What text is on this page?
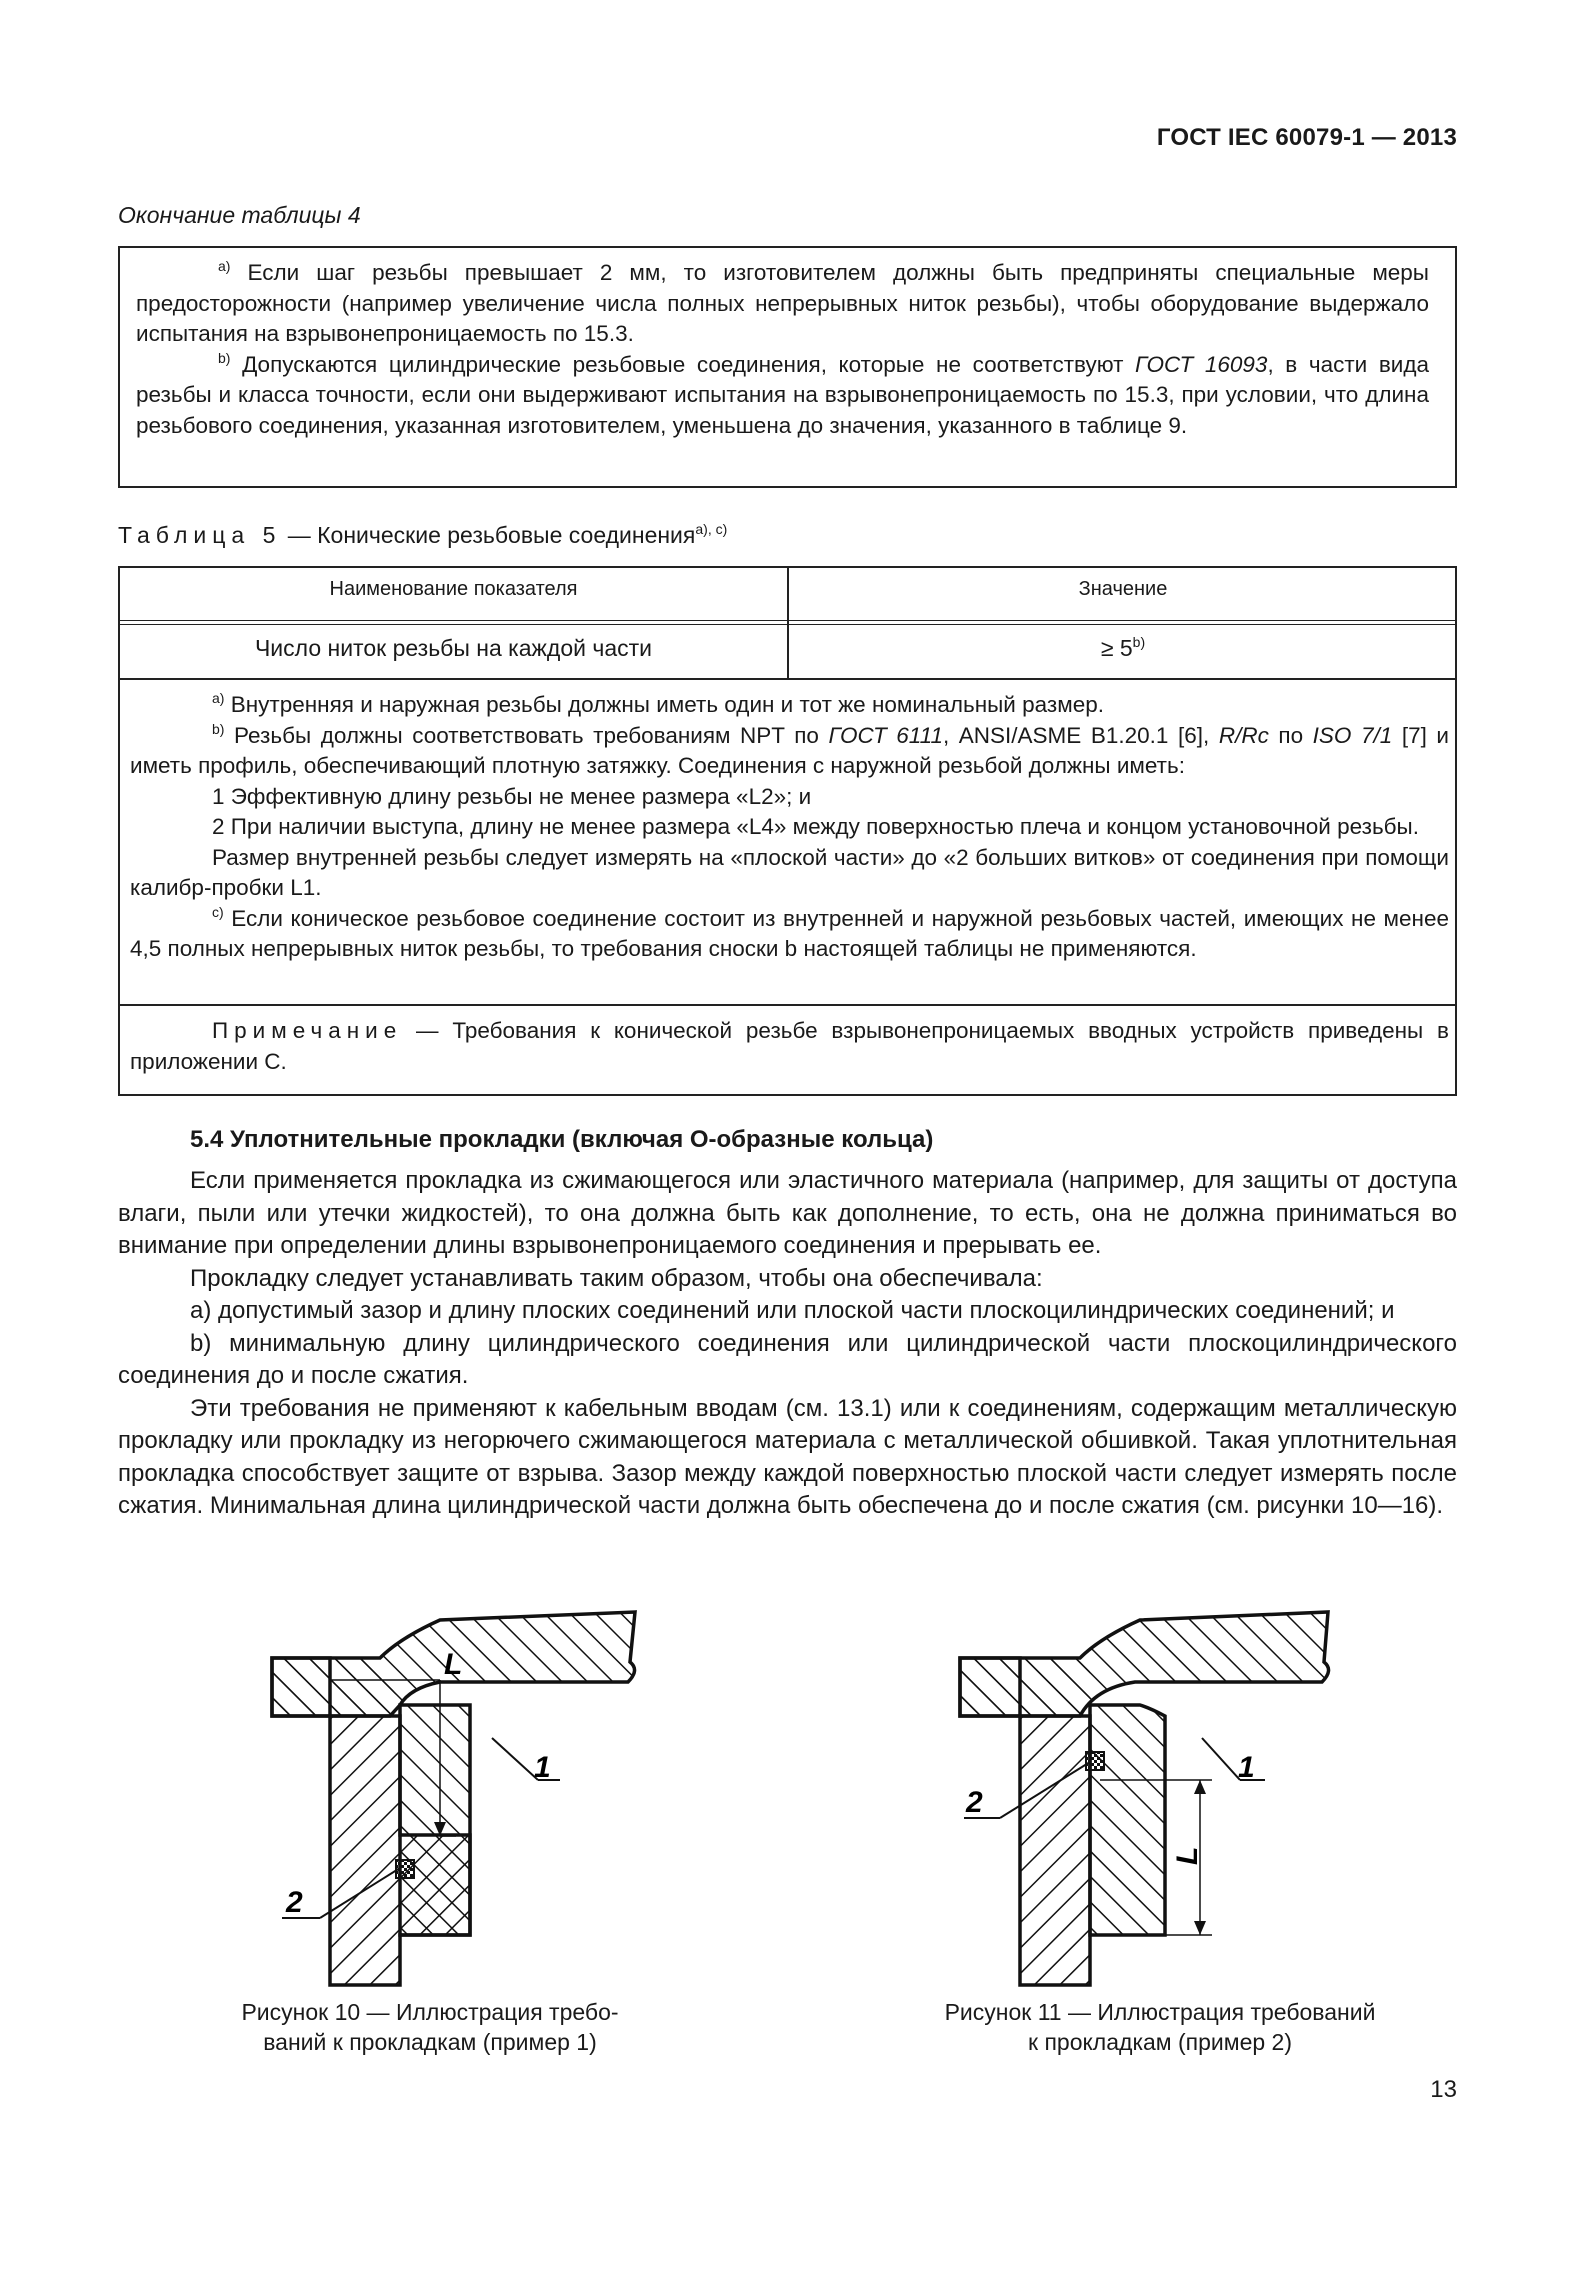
ГОСТ IEC 60079-1 — 2013
Окончание таблицы 4
$^{a)}$ Если шаг резьбы превышает 2 мм, то изготовителем должны быть предприняты специальные меры предосторожности (например увеличение числа полных непрерывных ниток резьбы), чтобы оборудование выдержало испытания на взрывонепроницаемость по 15.3.
$^{b)}$ Допускаются цилиндрические резьбовые соединения, которые не соответствуют ГОСТ 16093, в части вида резьбы и класса точности, если они выдерживают испытания на взрывонепроницаемость по 15.3, при условии, что длина резьбового соединения, указанная изготовителем, уменьшена до значения, указанного в таблице 9.
Таблица 5 — Конические резьбовые соединения$^{a), c)}$
Наименование показателя	Значение
Число ниток резьбы на каждой части	≥ $5^{b)}$
$^{a)}$ Внутренняя и наружная резьбы должны иметь один и тот же номинальный размер.
$^{b)}$ Резьбы должны соответствовать требованиям NPT по ГОСТ 6111, ANSI/ASME B1.20.1 [6], R/Rc по ISO 7/1 [7] и иметь профиль, обеспечивающий плотную затяжку. Соединения с наружной резьбой должны иметь:
1 Эффективную длину резьбы не менее размера «L2»; и
2 При наличии выступа, длину не менее размера «L4» между поверхностью плеча и концом установочной резьбы.
Размер внутренней резьбы следует измерять на «плоской части» до «2 больших витков» от соединения при помощи калибр-пробки L1.
$^{c)}$ Если коническое резьбовое соединение состоит из внутренней и наружной резьбовых частей, имеющих не менее 4,5 полных непрерывных ниток резьбы, то требования сноски b настоящей таблицы не применяются.
Примечание — Требования к конической резьбе взрывонепроницаемых вводных устройств приведены в приложении С.
5.4 Уплотнительные прокладки (включая О-образные кольца)

Если применяется прокладка из сжимающегося или эластичного материала (например, для защиты от доступа влаги, пыли или утечки жидкостей), то она должна быть как дополнение, то есть, она не должна приниматься во внимание при определении длины взрывонепроницаемого соединения и прерывать ее.

Прокладку следует устанавливать таким образом, чтобы она обеспечивала:

a) допустимый зазор и длину плоских соединений или плоской части плоскоцилиндрических соединений; и

b) минимальную длину цилиндрического соединения или цилиндрической части плоскоцилиндрического соединения до и после сжатия.

Эти требования не применяют к кабельным вводам (см. 13.1) или к соединениям, содержащим металлическую прокладку или прокладку из негорючего сжимающегося материала с металлической обшивкой. Такая уплотнительная прокладка способствует защите от взрыва. Зазор между каждой поверхностью плоской части следует измерять после сжатия. Минимальная длина цилиндрической части должна быть обеспечена до и после сжатия (см. рисунки 10—16).

L
1
2
Рисунок 10 — Иллюстрация требо-
ваний к прокладкам (пример 1)
L
1
2
Рисунок 11 — Иллюстрация требований
к прокладкам (пример 2)
13
